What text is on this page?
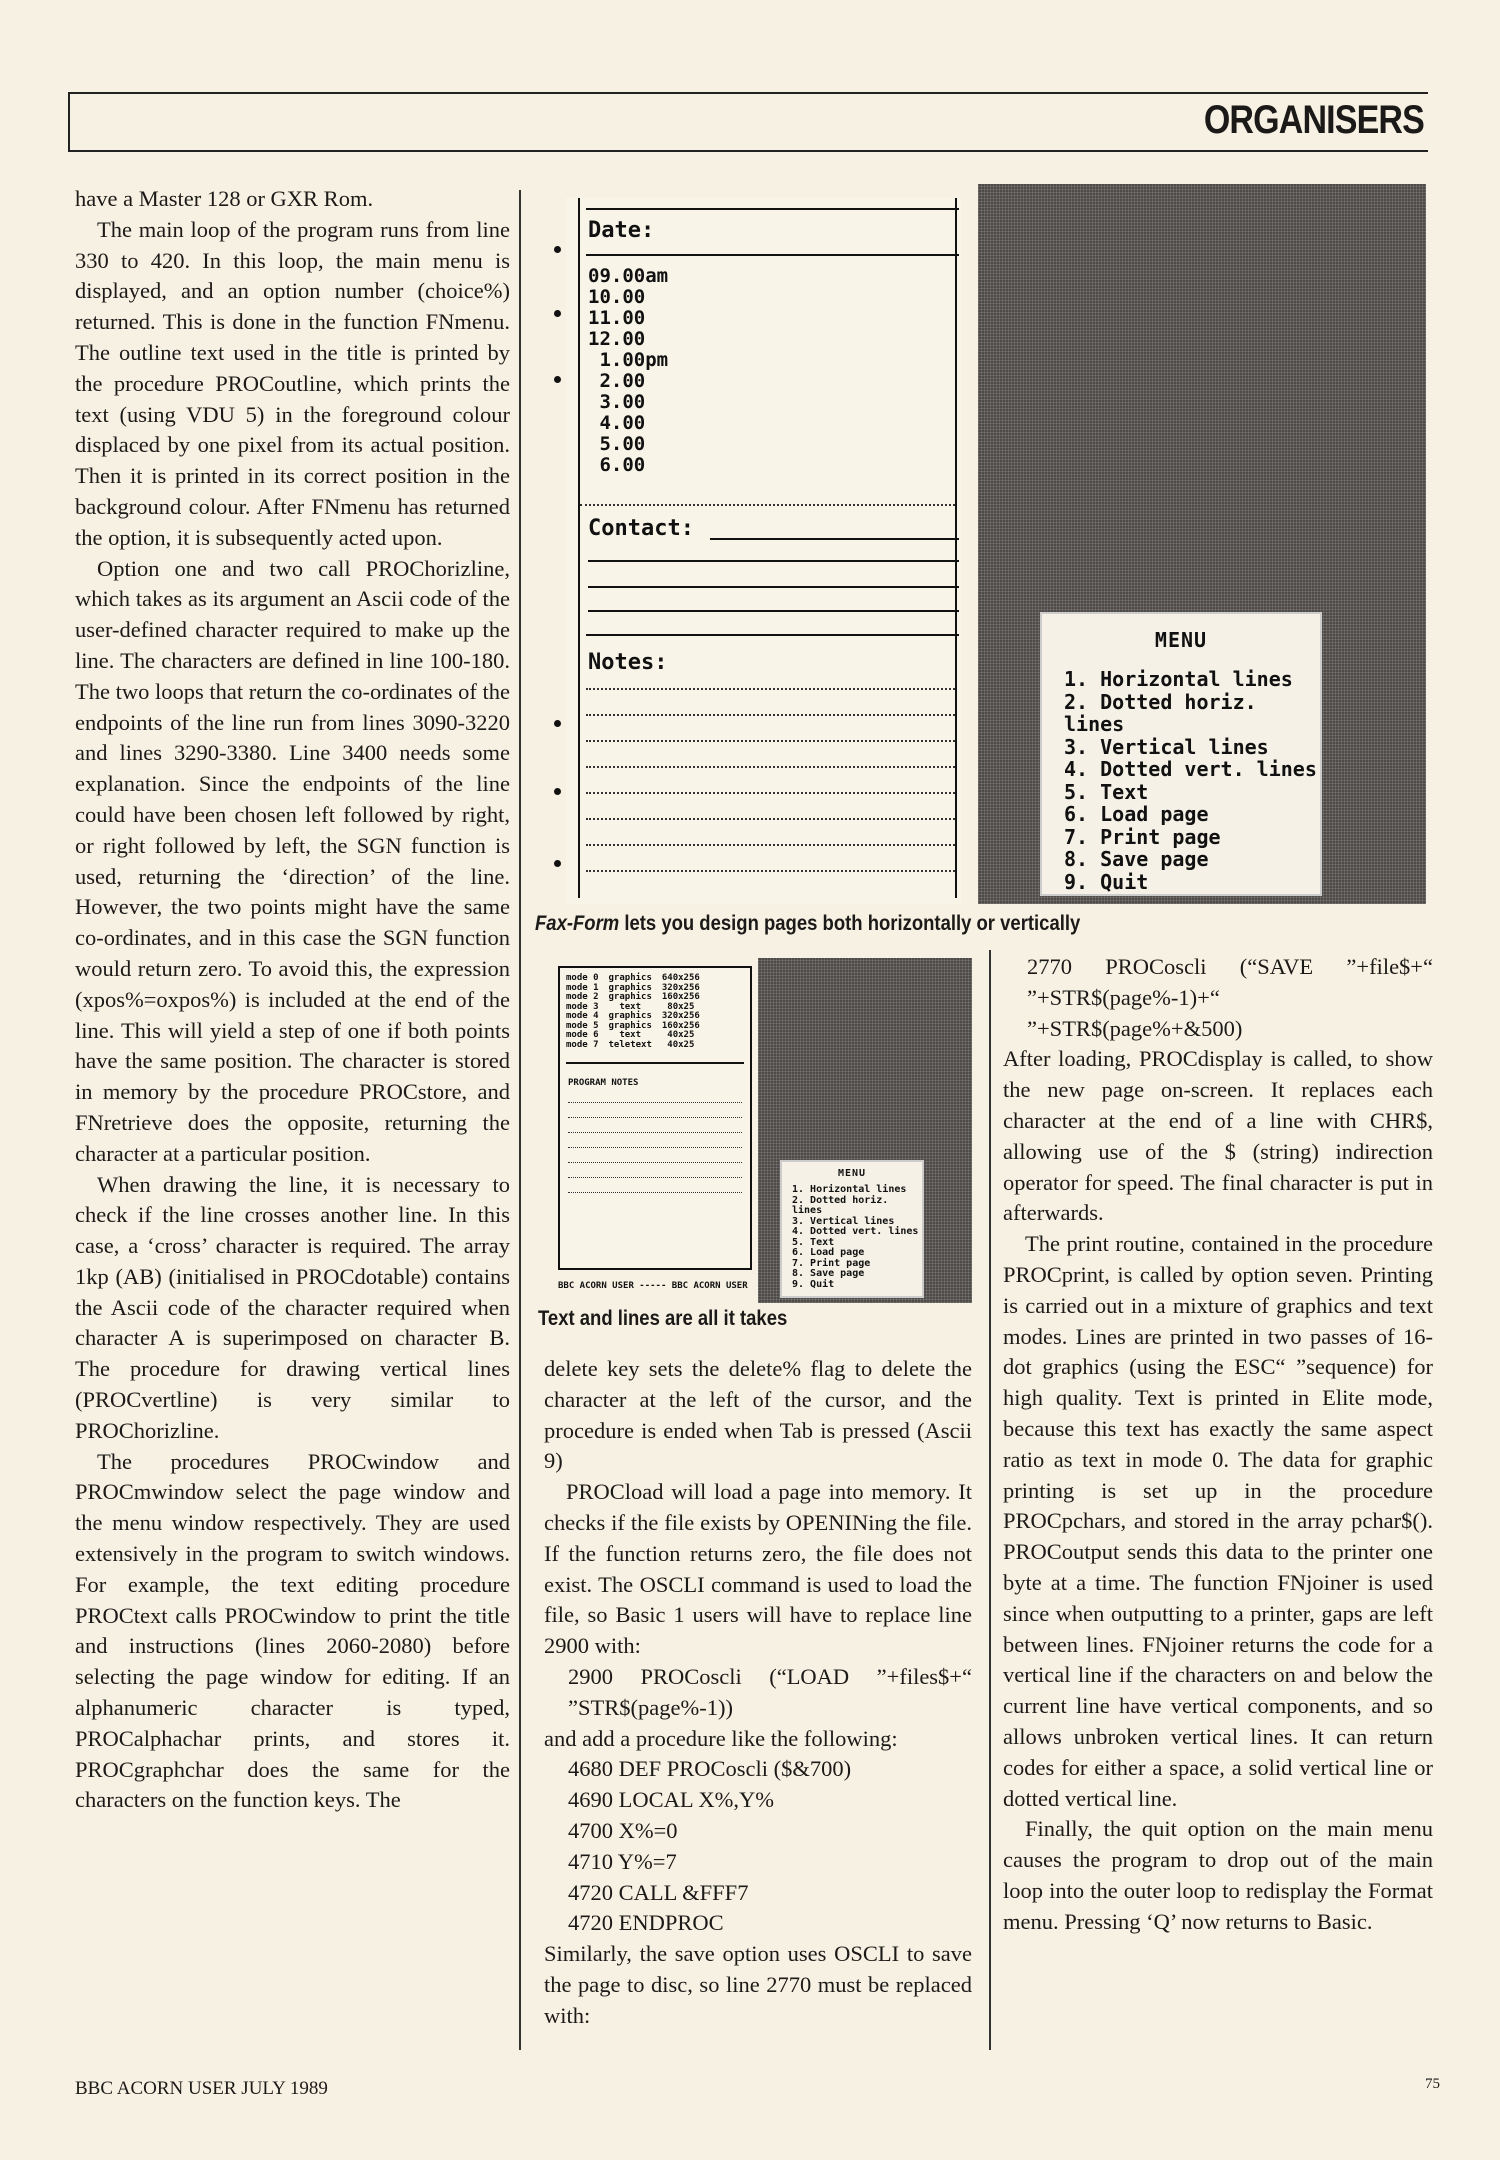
ORGANISERS

have a Master 128 or GXR Rom.

The main loop of the program runs from line 330 to 420. In this loop, the main menu is displayed, and an option number (choice%) returned. This is done in the function FNmenu. The outline text used in the title is printed by the procedure PROCoutline, which prints the text (using VDU 5) in the foreground colour displaced by one pixel from its actual position. Then it is printed in its correct position in the background colour. After FNmenu has returned the option, it is subsequently acted upon.

Option one and two call PROChorizline, which takes as its argument an Ascii code of the user-defined character required to make up the line. The characters are defined in line 100-180. The two loops that return the co-ordinates of the endpoints of the line run from lines 3090-3220 and lines 3290-3380. Line 3400 needs some explanation. Since the endpoints of the line could have been chosen left followed by right, or right followed by left, the SGN function is used, returning the ‘direction’ of the line. However, the two points might have the same co-ordinates, and in this case the SGN function would return zero. To avoid this, the expression (xpos%=oxpos%) is included at the end of the line. This will yield a step of one if both points have the same position. The character is stored in memory by the procedure PROCstore, and FNretrieve does the opposite, returning the character at a particular position.

When drawing the line, it is necessary to check if the line crosses another line. In this case, a ‘cross’ character is required. The array 1kp (AB) (initialised in PROCdotable) contains the Ascii code of the character required when character A is superimposed on character B. The procedure for drawing vertical lines (PROCvertline) is very similar to PROChorizline.

The procedures PROCwindow and PROCmwindow select the page window and the menu window respectively. They are used extensively in the program to switch windows. For example, the text editing procedure PROCtext calls PROCwindow to print the title and instructions (lines 2060-2080) before selecting the page window for editing. If an alphanumeric character is typed, PROCalphachar prints, and stores it. PROCgraphchar does the same for the characters on the function keys. The

Date:
09.00am
10.00
11.00
12.00
1.00pm
2.00
3.00
4.00
5.00
6.00
Contact:
Notes:
MENU
1. Horizontal lines
2. Dotted horiz. lines
3. Vertical lines
4. Dotted vert. lines
5. Text
6. Load page
7. Print page
8. Save page
9. Quit
Fax-Form lets you design pages both horizontally or vertically
mode 0	graphics	640x256
mode 1	graphics	320x256
mode 2	graphics	160x256
mode 3	text	80x25
mode 4	graphics	320x256
mode 5	graphics	160x256
mode 6	text	40x25
mode 7	teletext	40x25
PROGRAM NOTES
BBC ACORN USER ----- BBC ACORN USER
MENU
1. Horizontal lines
2. Dotted horiz. lines
3. Vertical lines
4. Dotted vert. lines
5. Text
6. Load page
7. Print page
8. Save page
9. Quit
Text and lines are all it takes

delete key sets the delete% flag to delete the character at the left of the cursor, and the procedure is ended when Tab is pressed (Ascii 9)

PROCload will load a page into memory. It checks if the file exists by OPENINing the file. If the function returns zero, the file does not exist. The OSCLI command is used to load the file, so Basic 1 users will have to replace line 2900 with:

2900 PROCoscli (“LOAD ”+files$+“ ”STR$(page%-1))

and add a procedure like the following:

4680 DEF PROCoscli ($&700)

4690 LOCAL X%,Y%

4700 X%=0

4710 Y%=7

4720 CALL &FFF7

4720 ENDPROC

Similarly, the save option uses OSCLI to save the page to disc, so line 2770 must be replaced with:

2770 PROCoscli (“SAVE ”+file$+“ ”+STR$(page%-1)+“ ”+STR$(page%+&500)

After loading, PROCdisplay is called, to show the new page on-screen. It replaces each character at the end of a line with CHR$, allowing use of the $ (string) indirection operator for speed. The final character is put in afterwards.

The print routine, contained in the procedure PROCprint, is called by option seven. Printing is carried out in a mixture of graphics and text modes. Lines are printed in two passes of 16-dot graphics (using the ESC“ ”sequence) for high quality. Text is printed in Elite mode, because this text has exactly the same aspect ratio as text in mode 0. The data for graphic printing is set up in the procedure PROCpchars, and stored in the array pchar$(). PROCoutput sends this data to the printer one byte at a time. The function FNjoiner is used since when outputting to a printer, gaps are left between lines. FNjoiner returns the code for a vertical line if the characters on and below the current line have vertical components, and so allows unbroken vertical lines. It can return codes for either a space, a solid vertical line or dotted vertical line.

Finally, the quit option on the main menu causes the program to drop out of the main loop into the outer loop to redisplay the Format menu. Pressing ‘Q’ now returns to Basic.

BBC ACORN USER JULY 1989	75
